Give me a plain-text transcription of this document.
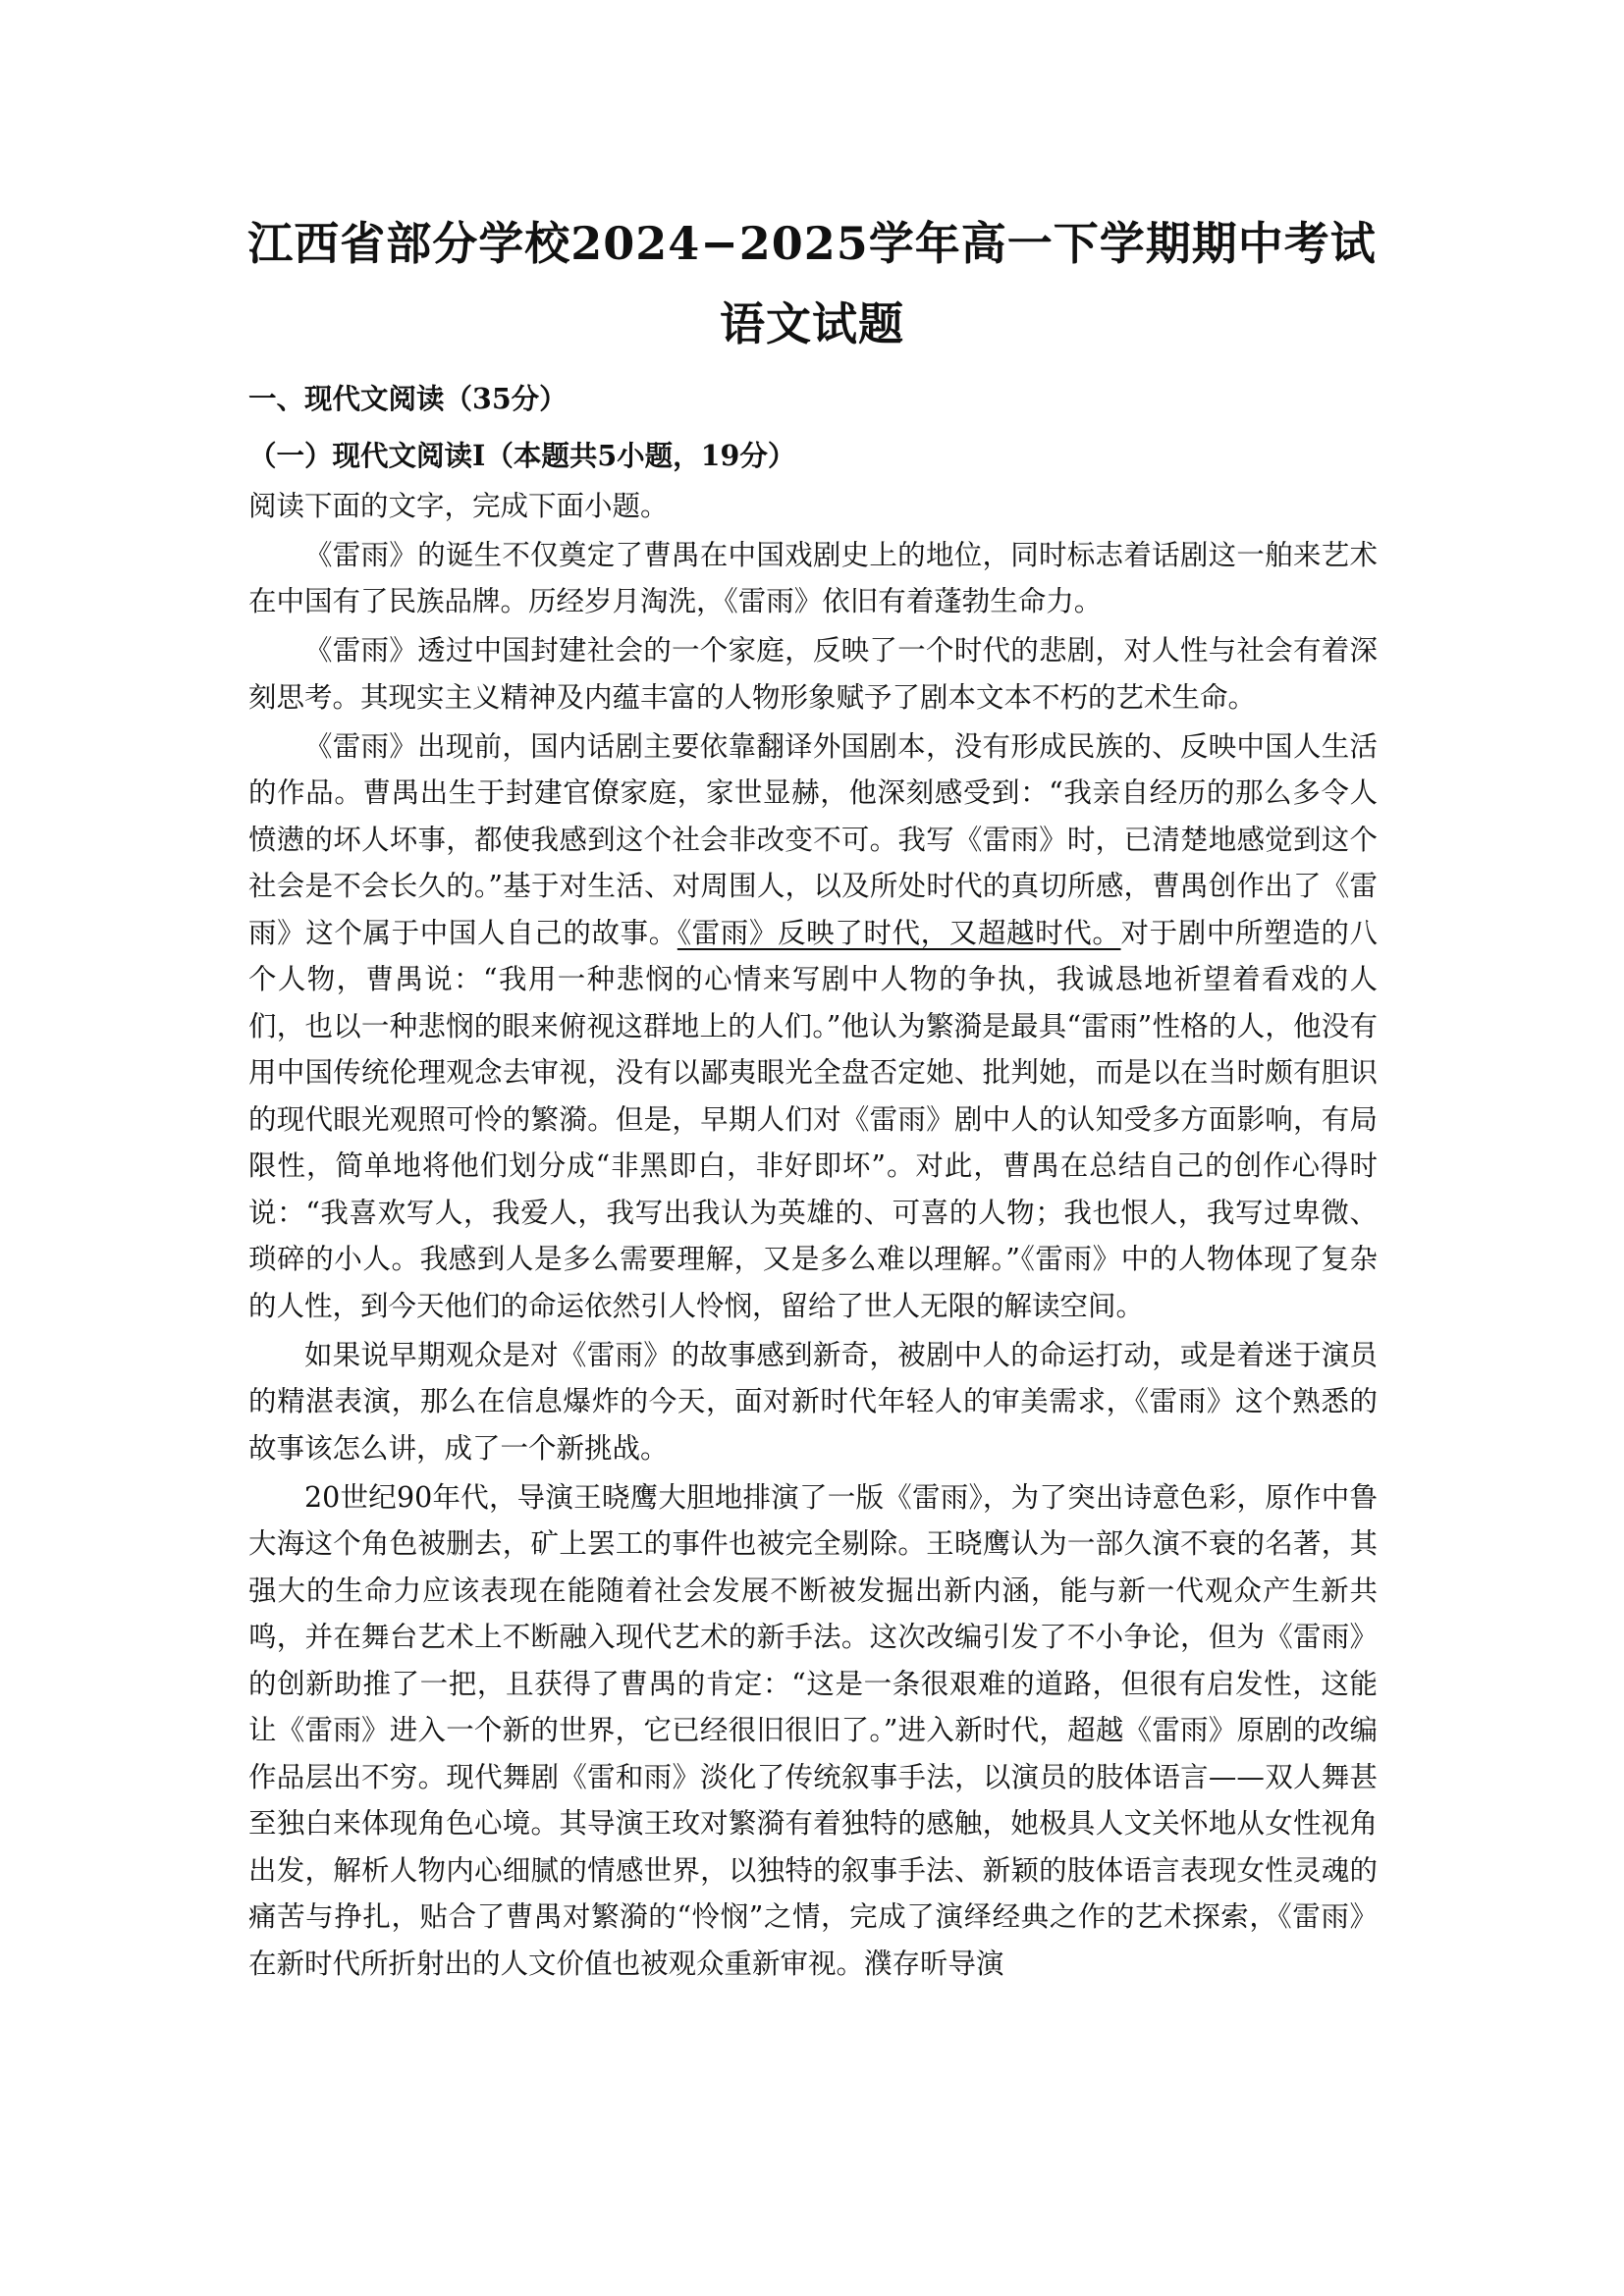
江西省部分学校2024−2025学年高一下学期期中考试
语文试题
一、现代文阅读（35分）
（一）现代文阅读Ⅰ（本题共5小题，19分）
阅读下面的文字，完成下面小题。

《雷雨》的诞生不仅奠定了曹禺在中国戏剧史上的地位，同时标志着话剧这一舶来艺术在中国有了民族品牌。历经岁月淘洗，《雷雨》依旧有着蓬勃生命力。

《雷雨》透过中国封建社会的一个家庭，反映了一个时代的悲剧，对人性与社会有着深刻思考。其现实主义精神及内蕴丰富的人物形象赋予了剧本文本不朽的艺术生命。

《雷雨》出现前，国内话剧主要依靠翻译外国剧本，没有形成民族的、反映中国人生活的作品。曹禺出生于封建官僚家庭，家世显赫，他深刻感受到：“我亲自经历的那么多令人愤懑的坏人坏事，都使我感到这个社会非改变不可。我写《雷雨》时，已清楚地感觉到这个社会是不会长久的。”基于对生活、对周围人，以及所处时代的真切所感，曹禺创作出了《雷雨》这个属于中国人自己的故事。《雷雨》反映了时代，又超越时代。对于剧中所塑造的八个人物，曹禺说：“我用一种悲悯的心情来写剧中人物的争执，我诚恳地祈望着看戏的人们，也以一种悲悯的眼来俯视这群地上的人们。”他认为繁漪是最具“雷雨”性格的人，他没有用中国传统伦理观念去审视，没有以鄙夷眼光全盘否定她、批判她，而是以在当时颇有胆识的现代眼光观照可怜的繁漪。但是，早期人们对《雷雨》剧中人的认知受多方面影响，有局限性，简单地将他们划分成“非黑即白，非好即坏”。对此，曹禺在总结自己的创作心得时说：“我喜欢写人，我爱人，我写出我认为英雄的、可喜的人物；我也恨人，我写过卑微、琐碎的小人。我感到人是多么需要理解，又是多么难以理解。”《雷雨》中的人物体现了复杂的人性，到今天他们的命运依然引人怜悯，留给了世人无限的解读空间。

如果说早期观众是对《雷雨》的故事感到新奇，被剧中人的命运打动，或是着迷于演员的精湛表演，那么在信息爆炸的今天，面对新时代年轻人的审美需求，《雷雨》这个熟悉的故事该怎么讲，成了一个新挑战。

20世纪90年代，导演王晓鹰大胆地排演了一版《雷雨》，为了突出诗意色彩，原作中鲁大海这个角色被删去，矿上罢工的事件也被完全剔除。王晓鹰认为一部久演不衰的名著，其强大的生命力应该表现在能随着社会发展不断被发掘出新内涵，能与新一代观众产生新共鸣，并在舞台艺术上不断融入现代艺术的新手法。这次改编引发了不小争论，但为《雷雨》的创新助推了一把，且获得了曹禺的肯定：“这是一条很艰难的道路，但很有启发性，这能让《雷雨》进入一个新的世界，它已经很旧很旧了。”进入新时代，超越《雷雨》原剧的改编作品层出不穷。现代舞剧《雷和雨》淡化了传统叙事手法，以演员的肢体语言——双人舞甚至独白来体现角色心境。其导演王玫对繁漪有着独特的感触，她极具人文关怀地从女性视角出发，解析人物内心细腻的情感世界，以独特的叙事手法、新颖的肢体语言表现女性灵魂的痛苦与挣扎，贴合了曹禺对繁漪的“怜悯”之情，完成了演绎经典之作的艺术探索，《雷雨》在新时代所折射出的人文价值也被观众重新审视。濮存昕导演
